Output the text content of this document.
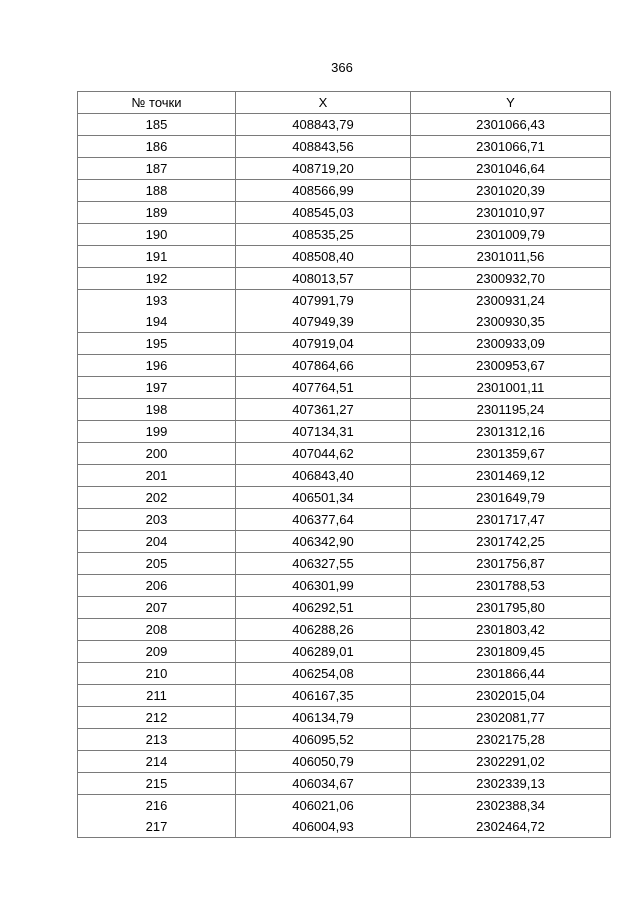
366
№ точки	X	Y
185	408843,79	2301066,43
186	408843,56	2301066,71
187	408719,20	2301046,64
188	408566,99	2301020,39
189	408545,03	2301010,97
190	408535,25	2301009,79
191	408508,40	2301011,56
192	408013,57	2300932,70
193	407991,79	2300931,24
194	407949,39	2300930,35
195	407919,04	2300933,09
196	407864,66	2300953,67
197	407764,51	2301001,11
198	407361,27	2301195,24
199	407134,31	2301312,16
200	407044,62	2301359,67
201	406843,40	2301469,12
202	406501,34	2301649,79
203	406377,64	2301717,47
204	406342,90	2301742,25
205	406327,55	2301756,87
206	406301,99	2301788,53
207	406292,51	2301795,80
208	406288,26	2301803,42
209	406289,01	2301809,45
210	406254,08	2301866,44
211	406167,35	2302015,04
212	406134,79	2302081,77
213	406095,52	2302175,28
214	406050,79	2302291,02
215	406034,67	2302339,13
216	406021,06	2302388,34
217	406004,93	2302464,72
